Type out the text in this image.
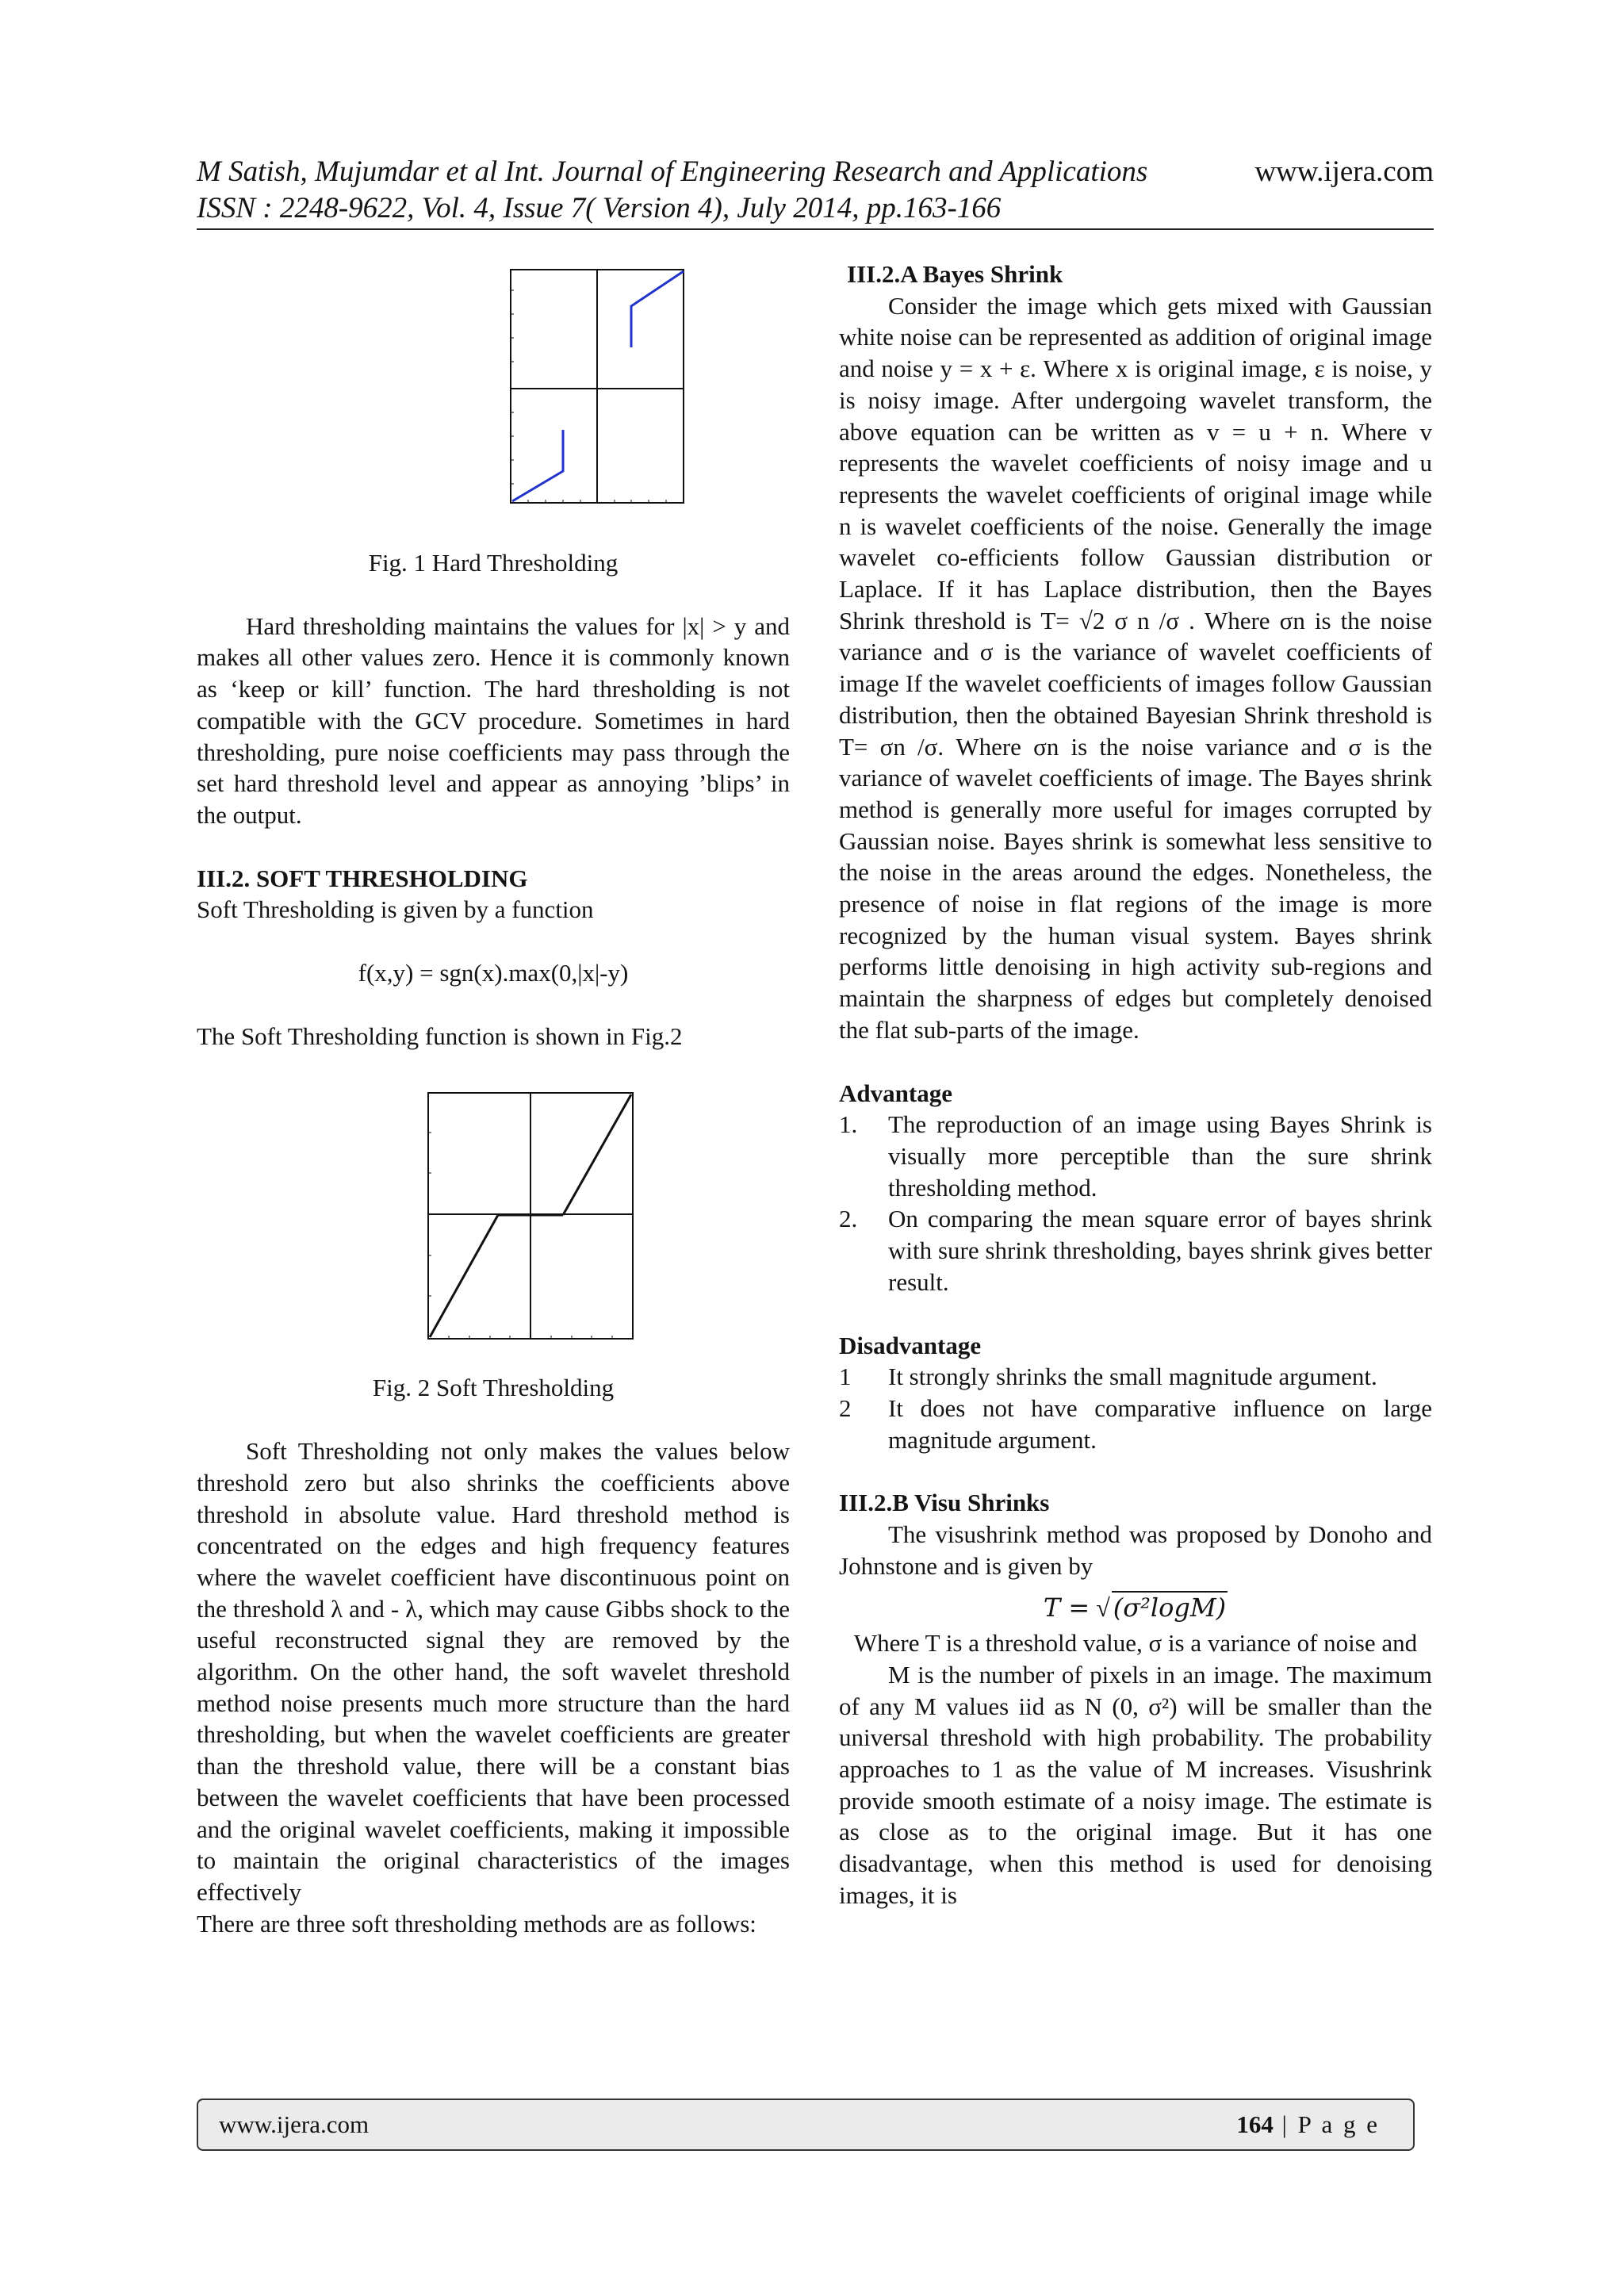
M Satish, Mujumdar et al Int. Journal of Engineering Research and Applications	www.ijera.com
ISSN : 2248-9622, Vol. 4, Issue 7( Version 4), July 2014, pp.163-166

Fig. 1 Hard Thresholding

Hard thresholding maintains the values for |x| > y and makes all other values zero. Hence it is commonly known as ‘keep or kill’ function. The hard thresholding is not compatible with the GCV procedure. Sometimes in hard thresholding, pure noise coefficients may pass through the set hard threshold level and appear as annoying ’blips’ in the output.

III.2. SOFT THRESHOLDING

Soft Thresholding is given by a function

f(x,y) = sgn(x).max(0,|x|-y)

The Soft Thresholding function is shown in Fig.2

Fig. 2 Soft Thresholding

Soft Thresholding not only makes the values below threshold zero but also shrinks the coefficients above threshold in absolute value. Hard threshold method is concentrated on the edges and high frequency features where the wavelet coefficient have discontinuous point on the threshold λ and - λ, which may cause Gibbs shock to the useful reconstructed signal they are removed by the algorithm. On the other hand, the soft wavelet threshold method noise presents much more structure than the hard thresholding, but when the wavelet coefficients are greater than the threshold value, there will be a constant bias between the wavelet coefficients that have been processed and the original wavelet coefficients, making it impossible to maintain the original characteristics of the images effectively

There are three soft thresholding methods are as follows:

III.2.A Bayes Shrink

Consider the image which gets mixed with Gaussian white noise can be represented as addition of original image and noise y = x + ε. Where x is original image, ε is noise, y is noisy image. After undergoing wavelet transform, the above equation can be written as v = u + n. Where v represents the wavelet coefficients of noisy image and u represents the wavelet coefficients of original image while n is wavelet coefficients of the noise. Generally the image wavelet co-efficients follow Gaussian distribution or Laplace. If it has Laplace distribution, then the Bayes Shrink threshold is T= √2 σ n /σ . Where σn is the noise variance and σ is the variance of wavelet coefficients of image If the wavelet coefficients of images follow Gaussian distribution, then the obtained Bayesian Shrink threshold is T= σn /σ. Where σn is the noise variance and σ is the variance of wavelet coefficients of image. The Bayes shrink method is generally more useful for images corrupted by Gaussian noise. Bayes shrink is somewhat less sensitive to the noise in the areas around the edges. Nonetheless, the presence of noise in flat regions of the image is more recognized by the human visual system. Bayes shrink performs little denoising in high activity sub-regions and maintain the sharpness of edges but completely denoised the flat sub-parts of the image.

Advantage

1.	The reproduction of an image using Bayes Shrink is visually more perceptible than the sure shrink thresholding method.
2.	On comparing the mean square error of bayes shrink with sure shrink thresholding, bayes shrink gives better result.

Disadvantage

1	It strongly shrinks the small magnitude argument.
2	It does not have comparative influence on large magnitude argument.

III.2.B Visu Shrinks

The visushrink method was proposed by Donoho and Johnstone and is given by

T = √ (σ²logM)

Where T is a threshold value, σ is a variance of noise and

M is the number of pixels in an image. The maximum of any M values iid as N (0, σ²) will be smaller than the universal threshold with high probability. The probability approaches to 1 as the value of M increases. Visushrink provide smooth estimate of a noisy image. The estimate is as close as to the original image. But it has one disadvantage, when this method is used for denoising images, it is

www.ijera.com	164 | P a g e
